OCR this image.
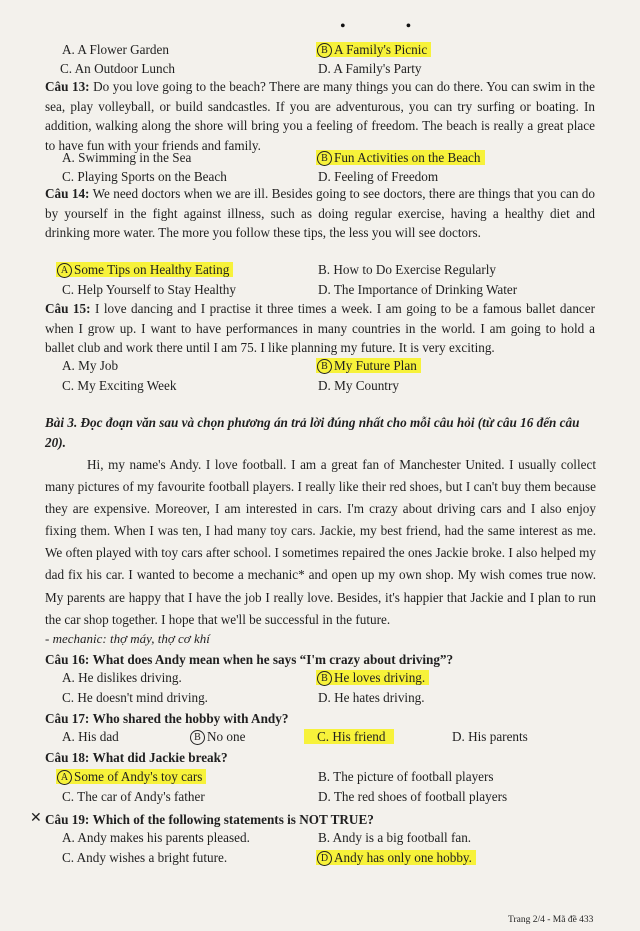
• •
A. A Flower Garden	B A Family's Picnic
C. An Outdoor Lunch	D. A Family's Party
Câu 13: Do you love going to the beach? There are many things you can do there. You can swim in the sea, play volleyball, or build sandcastles. If you are adventurous, you can try surfing or boating. In addition, walking along the shore will bring you a feeling of freedom. The beach is really a great place to have fun with your friends and family.
A. Swimming in the Sea	B Fun Activities on the Beach
C. Playing Sports on the Beach	D. Feeling of Freedom
Câu 14: We need doctors when we are ill. Besides going to see doctors, there are things that you can do by yourself in the fight against illness, such as doing regular exercise, having a healthy diet and drinking more water. The more you follow these tips, the less you will see doctors.
A Some Tips on Healthy Eating	B. How to Do Exercise Regularly
C. Help Yourself to Stay Healthy	D. The Importance of Drinking Water
Câu 15: I love dancing and I practise it three times a week. I am going to be a famous ballet dancer when I grow up. I want to have performances in many countries in the world. I am going to hold a ballet club and work there until I am 75. I like planning my future. It is very exciting.
A. My Job	B My Future Plan
C. My Exciting Week	D. My Country
Bài 3. Đọc đoạn văn sau và chọn phương án trả lời đúng nhất cho mỗi câu hỏi (từ câu 16 đến câu 20).
Hi, my name's Andy. I love football. I am a great fan of Manchester United. I usually collect many pictures of my favourite football players. I really like their red shoes, but I can't buy them because they are expensive. Moreover, I am interested in cars. I'm crazy about driving cars and I also enjoy fixing them. When I was ten, I had many toy cars. Jackie, my best friend, had the same interest as me. We often played with toy cars after school. I sometimes repaired the ones Jackie broke. I also helped my dad fix his car. I wanted to become a mechanic* and open up my own shop. My wish comes true now. My parents are happy that I have the job I really love. Besides, it's happier that Jackie and I plan to run the car shop together. I hope that we'll be successful in the future.
- mechanic: thợ máy, thợ cơ khí
Câu 16: What does Andy mean when he says “I'm crazy about driving”?
A. He dislikes driving.	B He loves driving.
C. He doesn't mind driving.	D. He hates driving.
Câu 17: Who shared the hobby with Andy?
A. His dad	B No one	C. His friend	D. His parents
Câu 18: What did Jackie break?
A Some of Andy's toy cars	B. The picture of football players
C. The car of Andy's father	D. The red shoes of football players
✕ Câu 19: Which of the following statements is NOT TRUE?
A. Andy makes his parents pleased.	B. Andy is a big football fan.
C. Andy wishes a bright future.	D Andy has only one hobby.
Trang 2/4 - Mã đề 433
